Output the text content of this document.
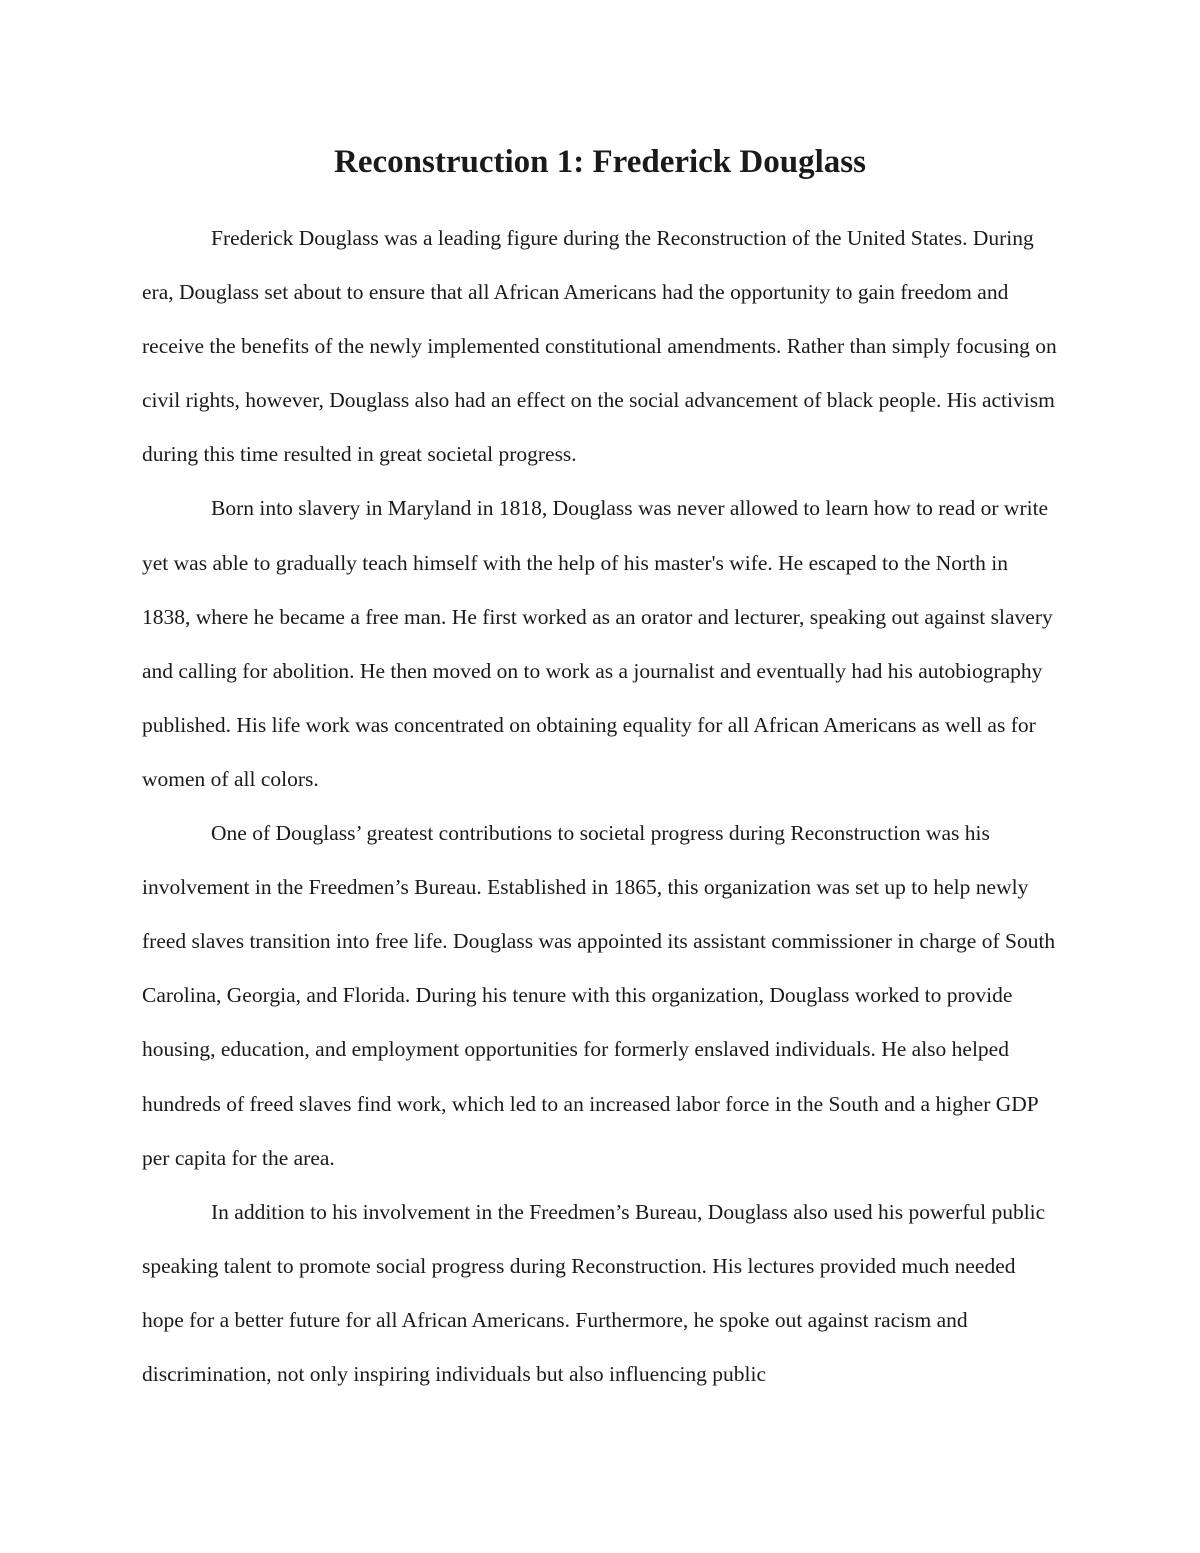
Reconstruction 1: Frederick Douglass

Frederick Douglass was a leading figure during the Reconstruction of the United States. During era, Douglass set about to ensure that all African Americans had the opportunity to gain freedom and receive the benefits of the newly implemented constitutional amendments. Rather than simply focusing on civil rights, however, Douglass also had an effect on the social advancement of black people. His activism during this time resulted in great societal progress.

Born into slavery in Maryland in 1818, Douglass was never allowed to learn how to read or write yet was able to gradually teach himself with the help of his master's wife. He escaped to the North in 1838, where he became a free man. He first worked as an orator and lecturer, speaking out against slavery and calling for abolition. He then moved on to work as a journalist and eventually had his autobiography published. His life work was concentrated on obtaining equality for all African Americans as well as for women of all colors.

One of Douglass’ greatest contributions to societal progress during Reconstruction was his involvement in the Freedmen’s Bureau. Established in 1865, this organization was set up to help newly freed slaves transition into free life. Douglass was appointed its assistant commissioner in charge of South Carolina, Georgia, and Florida. During his tenure with this organization, Douglass worked to provide housing, education, and employment opportunities for formerly enslaved individuals. He also helped hundreds of freed slaves find work, which led to an increased labor force in the South and a higher GDP per capita for the area.

In addition to his involvement in the Freedmen’s Bureau, Douglass also used his powerful public speaking talent to promote social progress during Reconstruction. His lectures provided much needed hope for a better future for all African Americans. Furthermore, he spoke out against racism and discrimination, not only inspiring individuals but also influencing public
